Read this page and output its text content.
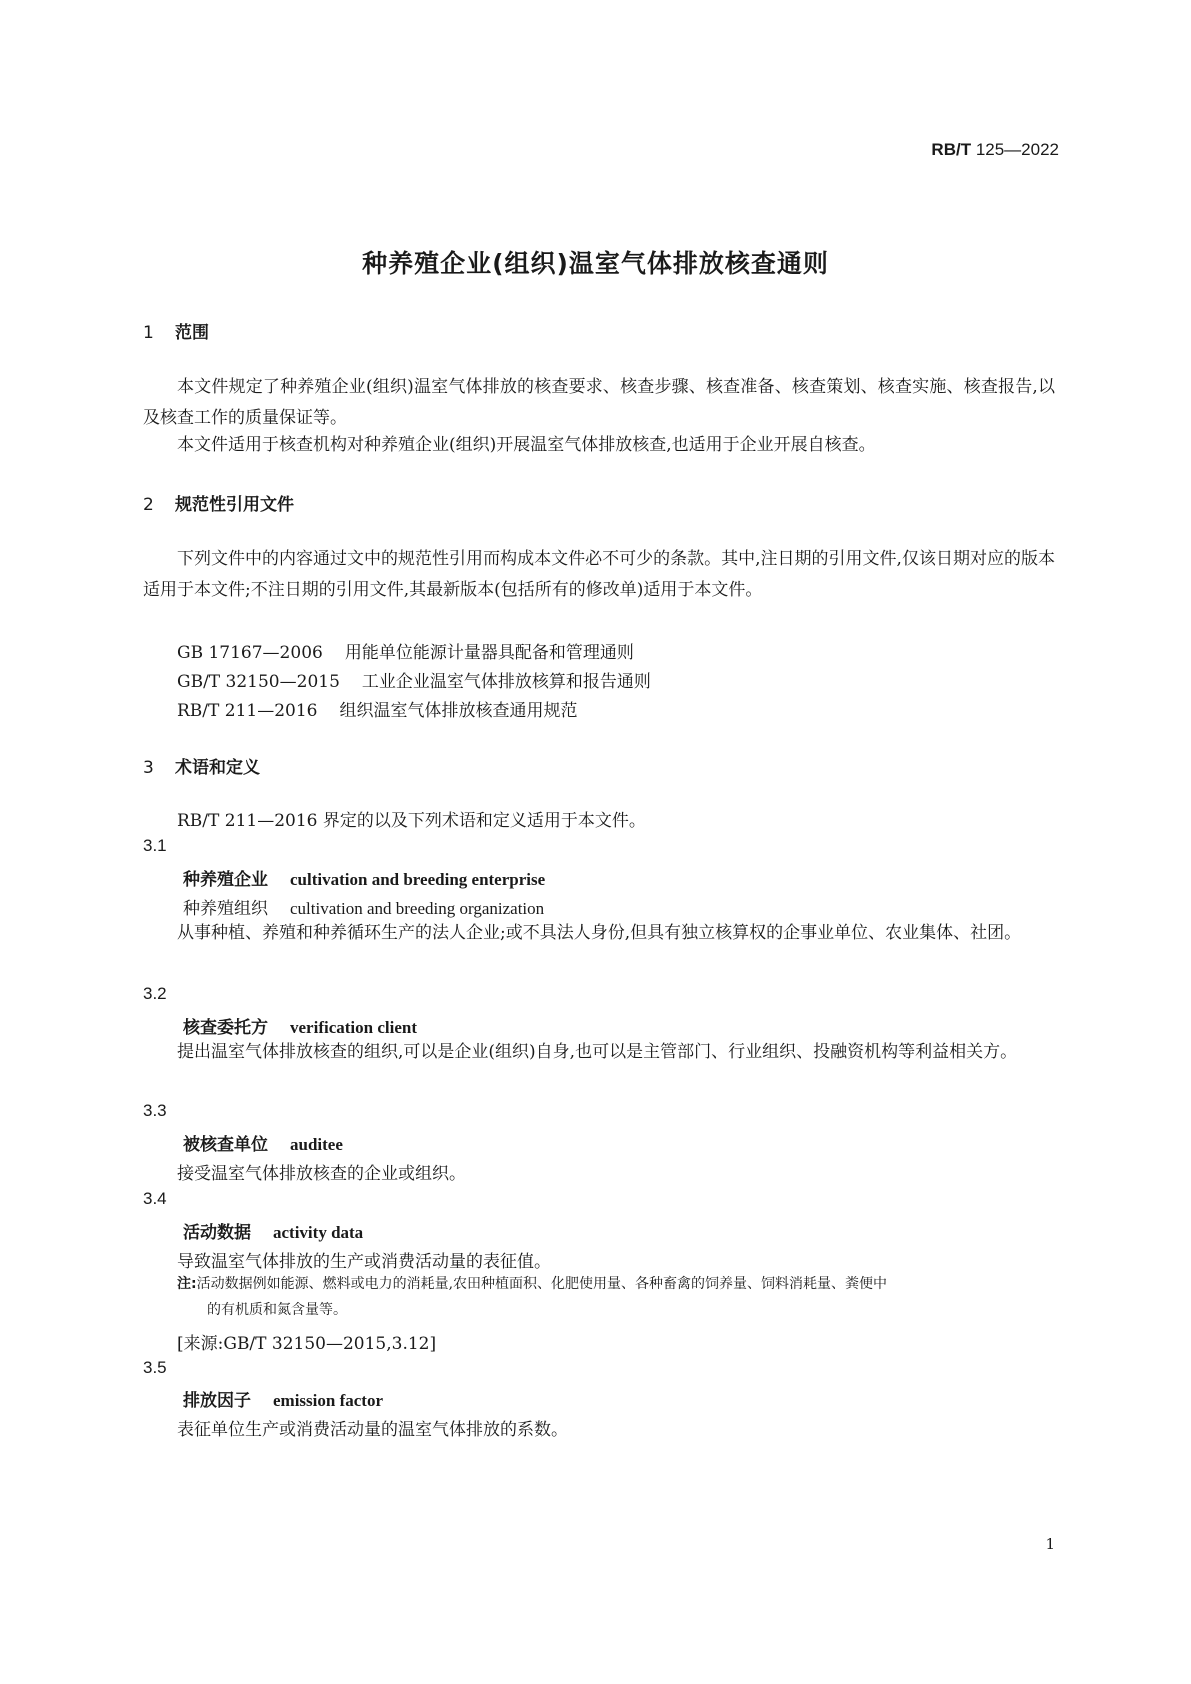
RB/T 125—2022
种养殖企业(组织)温室气体排放核查通则
1 范围
本文件规定了种养殖企业(组织)温室气体排放的核查要求、核查步骤、核查准备、核查策划、核查实施、核查报告,以及核查工作的质量保证等。
本文件适用于核查机构对种养殖企业(组织)开展温室气体排放核查,也适用于企业开展自核查。
2 规范性引用文件
下列文件中的内容通过文中的规范性引用而构成本文件必不可少的条款。其中,注日期的引用文件,仅该日期对应的版本适用于本文件;不注日期的引用文件,其最新版本(包括所有的修改单)适用于本文件。
GB 17167—2006 用能单位能源计量器具配备和管理通则
GB/T 32150—2015 工业企业温室气体排放核算和报告通则
RB/T 211—2016 组织温室气体排放核查通用规范
3 术语和定义
RB/T 211—2016 界定的以及下列术语和定义适用于本文件。
3.1
种养殖企业 cultivation and breeding enterprise
种养殖组织 cultivation and breeding organization
从事种植、养殖和种养循环生产的法人企业;或不具法人身份,但具有独立核算权的企事业单位、农业集体、社团。
3.2
核查委托方 verification client
提出温室气体排放核查的组织,可以是企业(组织)自身,也可以是主管部门、行业组织、投融资机构等利益相关方。
3.3
被核查单位 auditee
接受温室气体排放核查的企业或组织。
3.4
活动数据 activity data
导致温室气体排放的生产或消费活动量的表征值。
注:活动数据例如能源、燃料或电力的消耗量,农田种植面积、化肥使用量、各种畜禽的饲养量、饲料消耗量、粪便中
的有机质和氮含量等。
[来源:GB/T 32150—2015,3.12]
3.5
排放因子 emission factor
表征单位生产或消费活动量的温室气体排放的系数。
1
